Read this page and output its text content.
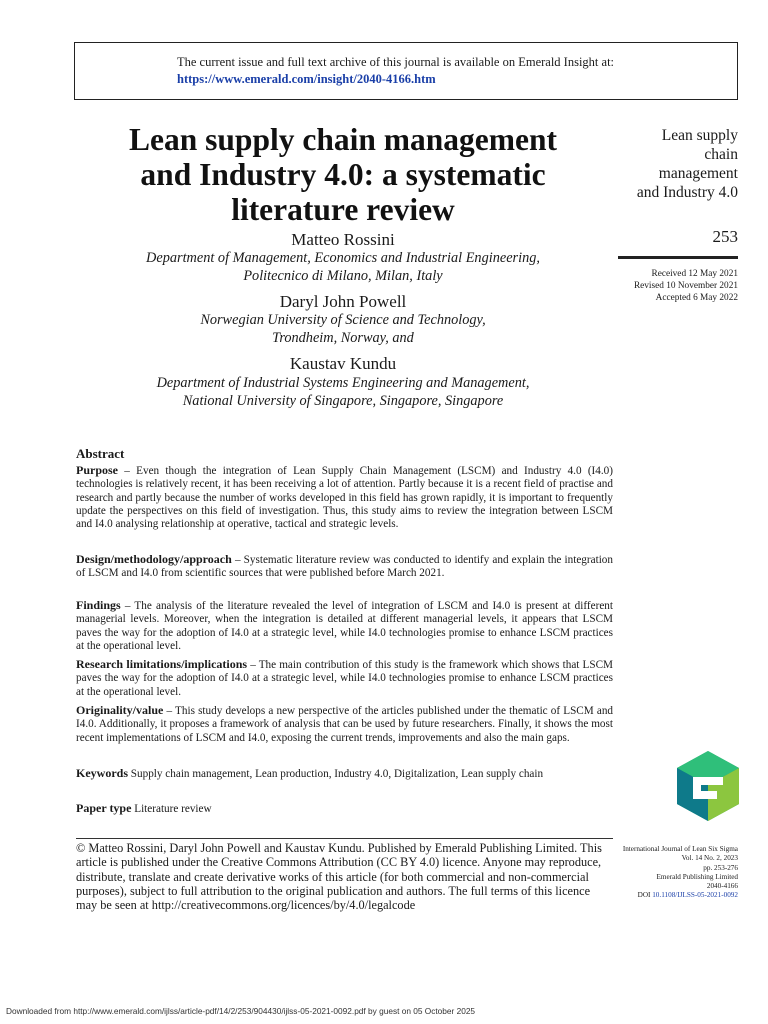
The current issue and full text archive of this journal is available on Emerald Insight at:
https://www.emerald.com/insight/2040-4166.htm
Lean supply chain management
and Industry 4.0: a systematic
literature review
Matteo Rossini
Department of Management, Economics and Industrial Engineering,
Politecnico di Milano, Milan, Italy
Daryl John Powell
Norwegian University of Science and Technology,
Trondheim, Norway, and
Kaustav Kundu
Department of Industrial Systems Engineering and Management,
National University of Singapore, Singapore, Singapore
Lean supply
chain
management
and Industry 4.0
253
Received 12 May 2021
Revised 10 November 2021
Accepted 6 May 2022
Abstract
Purpose – Even though the integration of Lean Supply Chain Management (LSCM) and Industry 4.0 (I4.0) technologies is relatively recent, it has been receiving a lot of attention. Partly because it is a recent field of practise and research and partly because the number of works developed in this field has grown rapidly, it is important to frequently update the perspectives on this field of investigation. Thus, this study aims to review the integration between LSCM and I4.0 analysing relationship at operative, tactical and strategic levels.
Design/methodology/approach – Systematic literature review was conducted to identify and explain the integration of LSCM and I4.0 from scientific sources that were published before March 2021.
Findings – The analysis of the literature revealed the level of integration of LSCM and I4.0 is present at different managerial levels. Moreover, when the integration is detailed at different managerial levels, it appears that LSCM paves the way for the adoption of I4.0 at a strategic level, while I4.0 technologies promise to enhance LSCM practices at the operational level.
Research limitations/implications – The main contribution of this study is the framework which shows that LSCM paves the way for the adoption of I4.0 at a strategic level, while I4.0 technologies promise to enhance LSCM practices at the operational level.
Originality/value – This study develops a new perspective of the articles published under the thematic of LSCM and I4.0. Additionally, it proposes a framework of analysis that can be used by future researchers. Finally, it shows the most recent implementations of LSCM and I4.0, exposing the current trends, improvements and also the main gaps.
Keywords Supply chain management, Lean production, Industry 4.0, Digitalization, Lean supply chain
Paper type Literature review
© Matteo Rossini, Daryl John Powell and Kaustav Kundu. Published by Emerald Publishing Limited. This article is published under the Creative Commons Attribution (CC BY 4.0) licence. Anyone may reproduce, distribute, translate and create derivative works of this article (for both commercial and non-commercial purposes), subject to full attribution to the original publication and authors. The full terms of this licence may be seen at http://creativecommons.org/licences/by/4.0/legalcode
International Journal of Lean Six Sigma
Vol. 14 No. 2, 2023
pp. 253-276
Emerald Publishing Limited
2040-4166
DOI 10.1108/IJLSS-05-2021-0092
Downloaded from http://www.emerald.com/ijlss/article-pdf/14/2/253/904430/ijlss-05-2021-0092.pdf by guest on 05 October 2025
